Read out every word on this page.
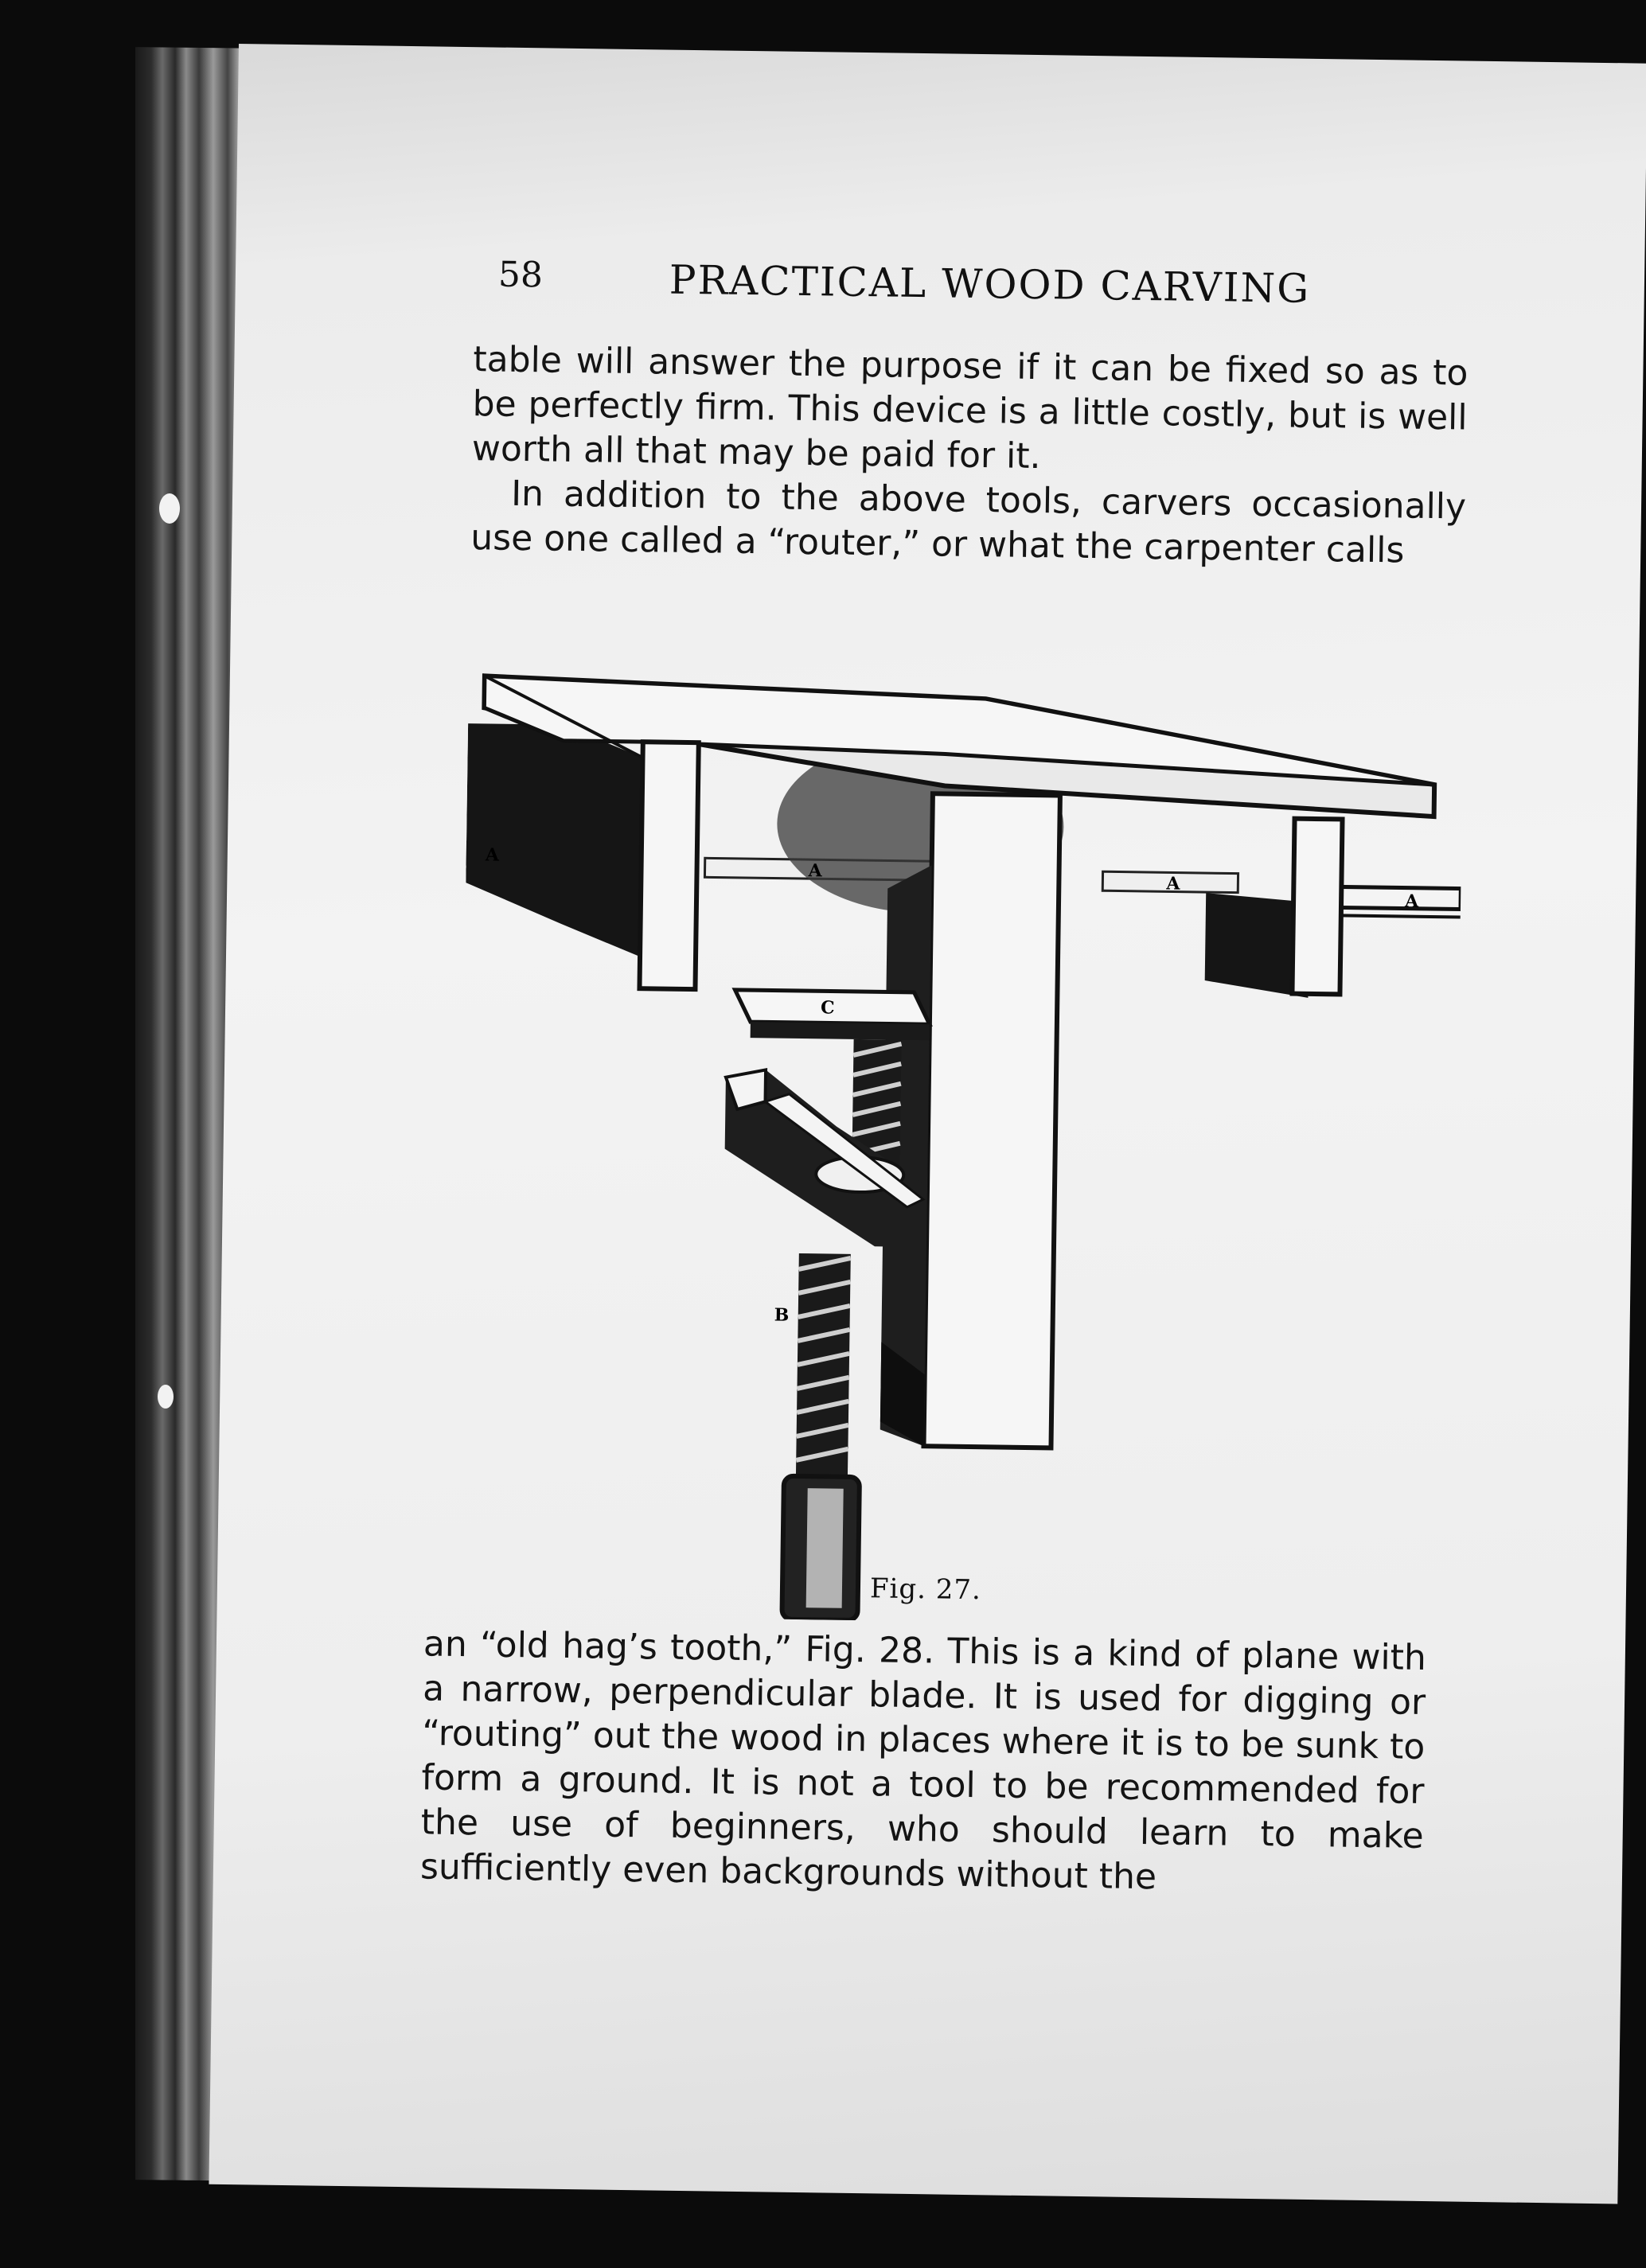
58	PRACTICAL WOOD CARVING
table will answer the purpose if it can be fixed so as to be perfectly firm. This device is a little costly, but is well worth all that may be paid for it.
In addition to the above tools, carvers occasionally use one called a “router,” or what the carpenter calls
A
A
A
A
C
B
Fig. 27.
an “old hag’s tooth,” Fig. 28. This is a kind of plane with a narrow, perpendicular blade. It is used for digging or “routing” out the wood in places where it is to be sunk to form a ground. It is not a tool to be recommended for the use of beginners, who should learn to make sufficiently even backgrounds without the
